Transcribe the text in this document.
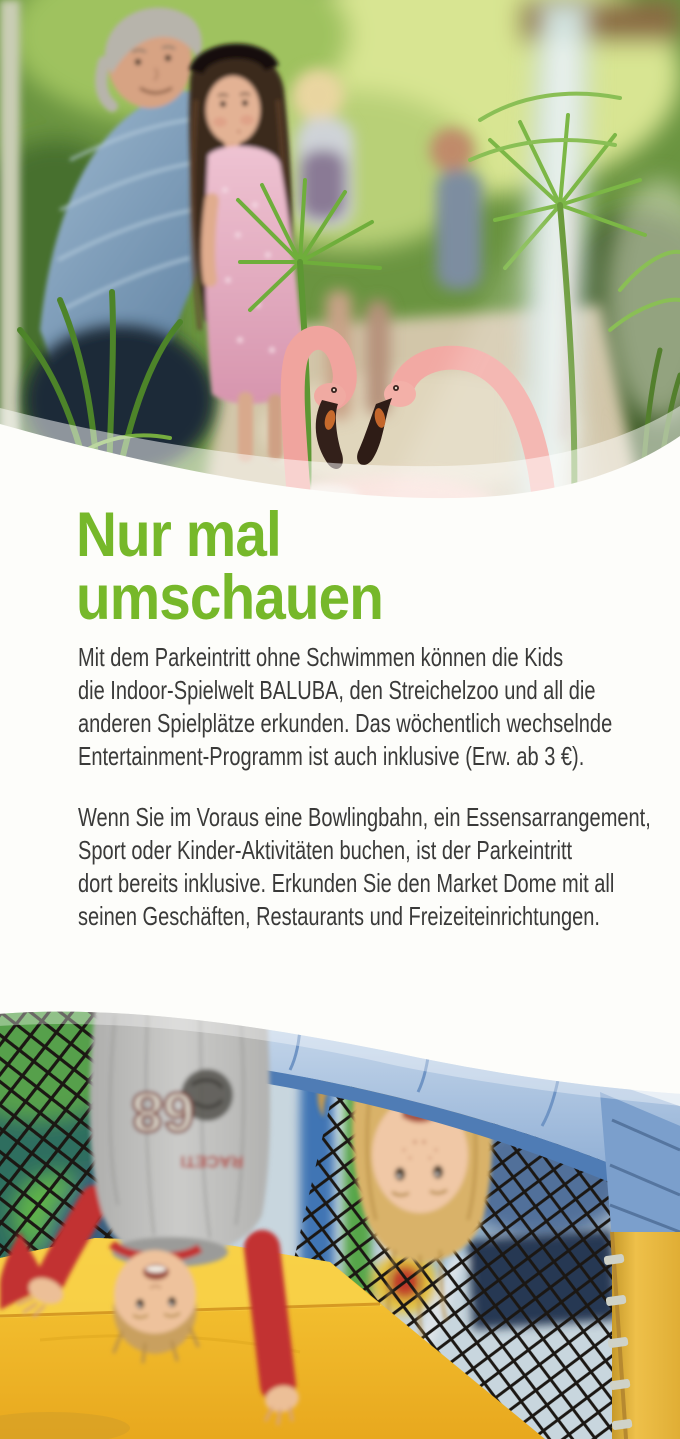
Nur mal
umschauen

Mit dem Parkeintritt ohne Schwimmen können die Kids
die Indoor-Spielwelt BALUBA, den Streichelzoo und all die
anderen Spielplätze erkunden. Das wöchentlich wechselnde
Entertainment-Programm ist auch inklusive (Erw. ab 3 €).

Wenn Sie im Voraus eine Bowlingbahn, ein Essensarrangement,
Sport oder Kinder-Aktivitäten buchen, ist der Parkeintritt
dort bereits inklusive. Erkunden Sie den Market Dome mit all
seinen Geschäften, Restaurants und Freizeiteinrichtungen.

68
RACETI
